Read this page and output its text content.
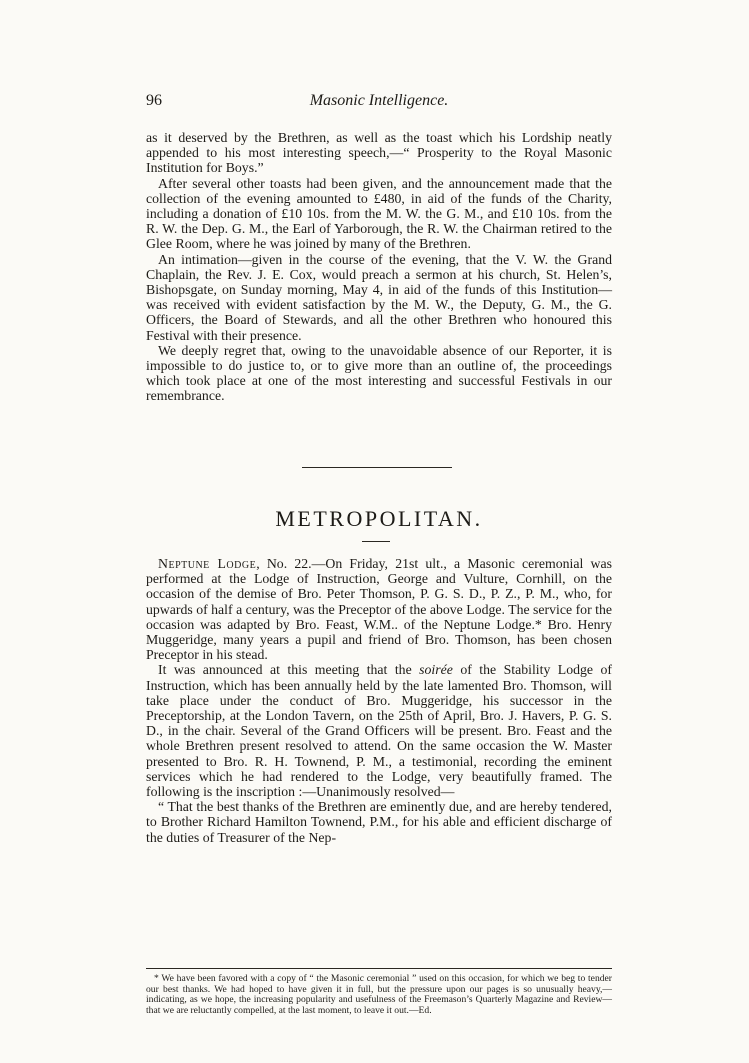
96	Masonic Intelligence.

as it deserved by the Brethren, as well as the toast which his Lordship neatly appended to his most interesting speech,—“ Prosperity to the Royal Masonic Institution for Boys.”

After several other toasts had been given, and the announcement made that the collection of the evening amounted to £480, in aid of the funds of the Charity, including a donation of £10 10s. from the M. W. the G. M., and £10 10s. from the R. W. the Dep. G. M., the Earl of Yarborough, the R. W. the Chairman retired to the Glee Room, where he was joined by many of the Brethren.

An intimation—given in the course of the evening, that the V. W. the Grand Chaplain, the Rev. J. E. Cox, would preach a sermon at his church, St. Helen’s, Bishopsgate, on Sunday morning, May 4, in aid of the funds of this Institution—was received with evident satisfaction by the M. W., the Deputy, G. M., the G. Officers, the Board of Stewards, and all the other Brethren who honoured this Festival with their presence.

We deeply regret that, owing to the unavoidable absence of our Reporter, it is impossible to do justice to, or to give more than an outline of, the proceedings which took place at one of the most interesting and successful Festivals in our remembrance.

METROPOLITAN.

Neptune Lodge, No. 22.—On Friday, 21st ult., a Masonic ceremonial was performed at the Lodge of Instruction, George and Vulture, Cornhill, on the occasion of the demise of Bro. Peter Thomson, P. G. S. D., P. Z., P. M., who, for upwards of half a century, was the Preceptor of the above Lodge. The service for the occasion was adapted by Bro. Feast, W.M.. of the Neptune Lodge.* Bro. Henry Muggeridge, many years a pupil and friend of Bro. Thomson, has been chosen Preceptor in his stead.

It was announced at this meeting that the soirée of the Stability Lodge of Instruction, which has been annually held by the late lamented Bro. Thomson, will take place under the conduct of Bro. Muggeridge, his successor in the Preceptorship, at the London Tavern, on the 25th of April, Bro. J. Havers, P. G. S. D., in the chair. Several of the Grand Officers will be present. Bro. Feast and the whole Brethren present resolved to attend. On the same occasion the W. Master presented to Bro. R. H. Townend, P. M., a testimonial, recording the eminent services which he had rendered to the Lodge, very beautifully framed. The following is the inscription :—Unanimously resolved—

“ That the best thanks of the Brethren are eminently due, and are hereby tendered, to Brother Richard Hamilton Townend, P.M., for his able and efficient discharge of the duties of Treasurer of the Nep-

* We have been favored with a copy of “ the Masonic ceremonial ” used on this occasion, for which we beg to tender our best thanks. We had hoped to have given it in full, but the pressure upon our pages is so unusually heavy,—indicating, as we hope, the increasing popularity and usefulness of the Freemason’s Quarterly Magazine and Review—that we are reluctantly compelled, at the last moment, to leave it out.—Ed.
